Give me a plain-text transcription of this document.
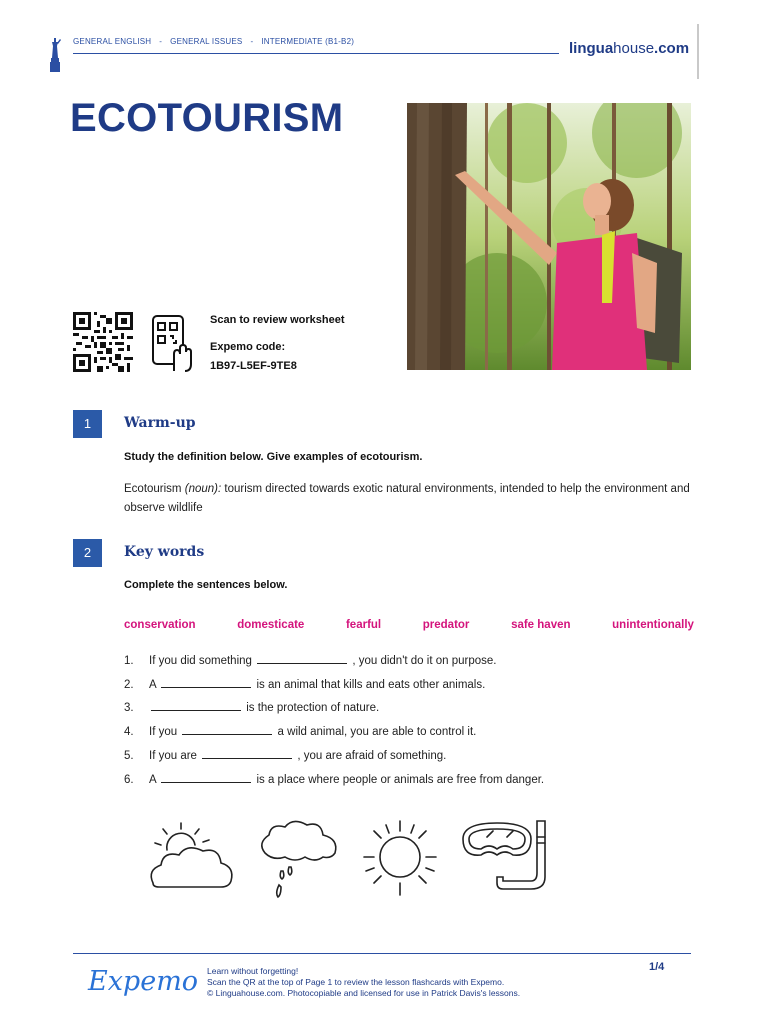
GENERAL ENGLISH - GENERAL ISSUES - INTERMEDIATE (B1-B2)	linguahouse.com
ECOTOURISM
Scan to review worksheet
Expemo code:
1B97-L5EF-9TE8
1	Warm-up
Study the definition below. Give examples of ecotourism.
Ecotourism (noun): tourism directed towards exotic natural environments, intended to help the environment and observe wildlife
2	Key words
Complete the sentences below.
conservation	domesticate	fearful	predator	safe haven	unintentionally
1. If you did something	, you didn't do it on purpose.
2. A	is an animal that kills and eats other animals.
3.	is the protection of nature.
4. If you	a wild animal, you are able to control it.
5. If you are	, you are afraid of something.
6. A	is a place where people or animals are free from danger.
Expemo Learn without forgetting!
Scan the QR at the top of Page 1 to review the lesson flashcards with Expemo.
© Linguahouse.com. Photocopiable and licensed for use in Patrick Davis's lessons.
1/4
